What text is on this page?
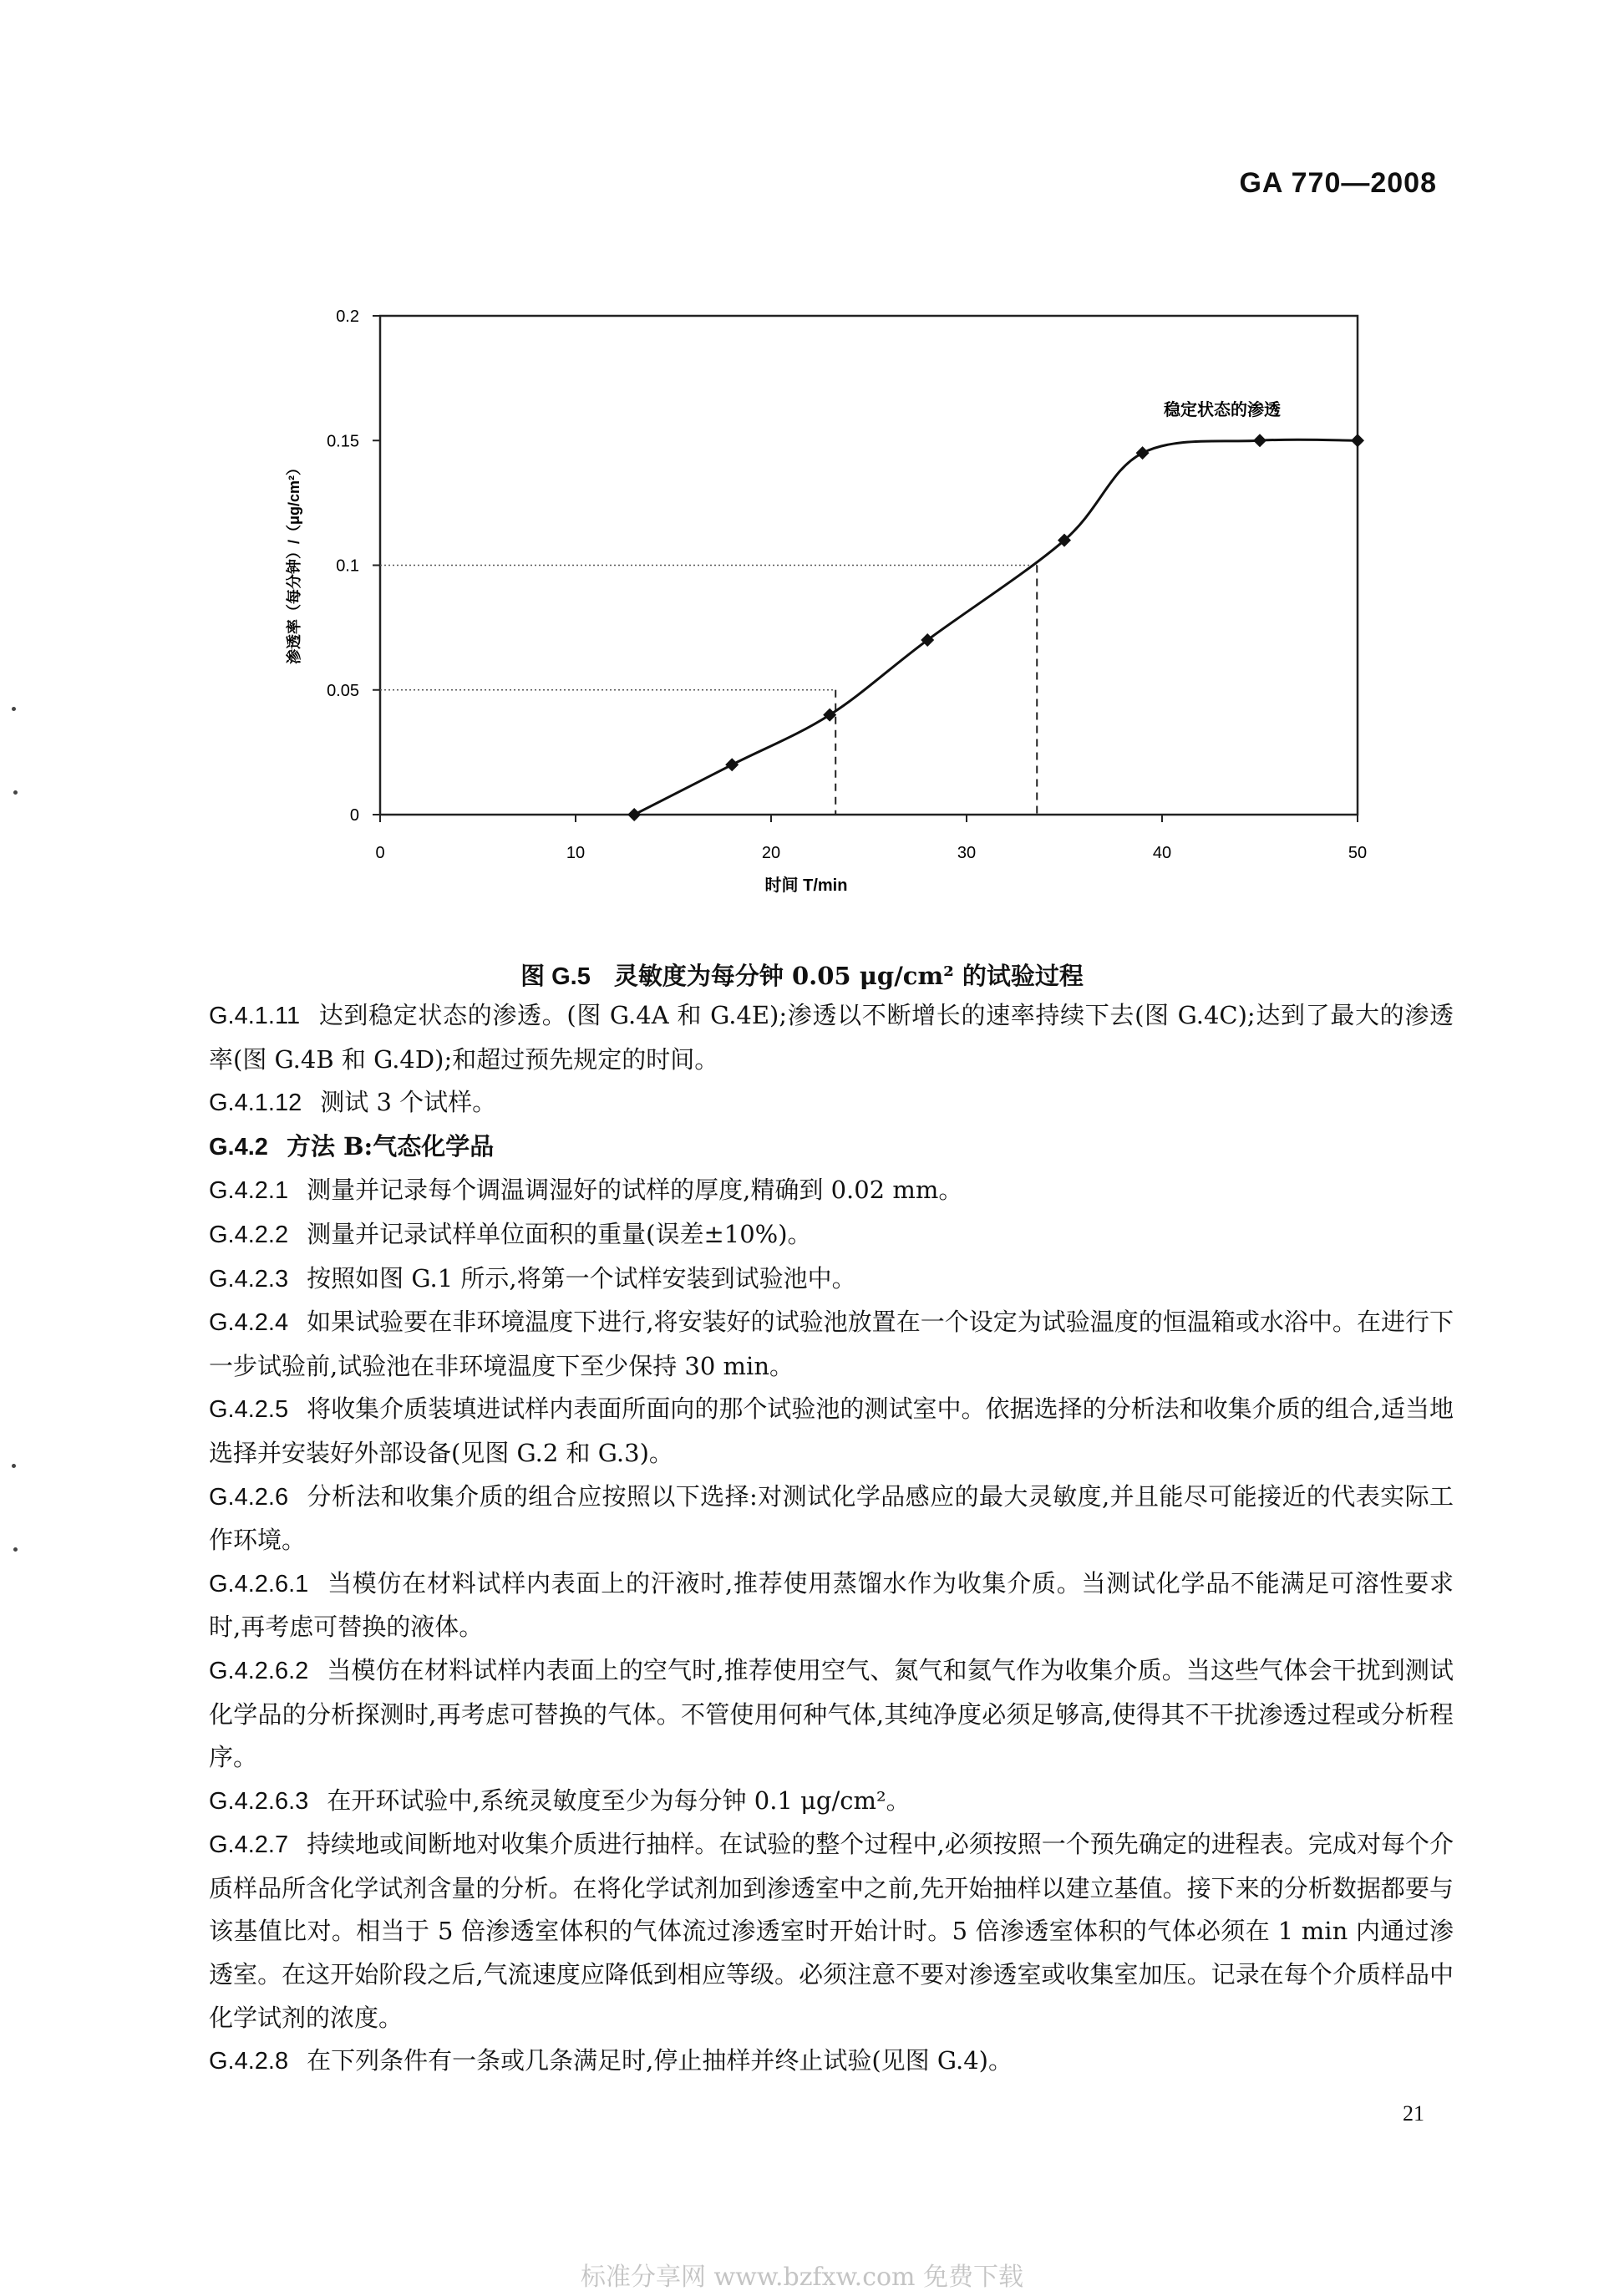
GA 770—2008
0
0.05
0.1
0.15
0.2
0	10	20	30	40	50
时间 T/min
渗透率（每分钟）/（μg/cm²）
稳定状态的渗透
图 G.5 灵敏度为每分钟 0.05 μg/cm² 的试验过程

G.4.1.11 达到稳定状态的渗透。(图 G.4A 和 G.4E);渗透以不断增长的速率持续下去(图 G.4C);达到了最大的渗透率(图 G.4B 和 G.4D);和超过预先规定的时间。

G.4.1.12 测试 3 个试样。

G.4.2 方法 B:气态化学品

G.4.2.1 测量并记录每个调温调湿好的试样的厚度,精确到 0.02 mm。

G.4.2.2 测量并记录试样单位面积的重量(误差±10%)。

G.4.2.3 按照如图 G.1 所示,将第一个试样安装到试验池中。

G.4.2.4 如果试验要在非环境温度下进行,将安装好的试验池放置在一个设定为试验温度的恒温箱或水浴中。在进行下一步试验前,试验池在非环境温度下至少保持 30 min。

G.4.2.5 将收集介质装填进试样内表面所面向的那个试验池的测试室中。依据选择的分析法和收集介质的组合,适当地选择并安装好外部设备(见图 G.2 和 G.3)。

G.4.2.6 分析法和收集介质的组合应按照以下选择:对测试化学品感应的最大灵敏度,并且能尽可能接近的代表实际工作环境。

G.4.2.6.1 当模仿在材料试样内表面上的汗液时,推荐使用蒸馏水作为收集介质。当测试化学品不能满足可溶性要求时,再考虑可替换的液体。

G.4.2.6.2 当模仿在材料试样内表面上的空气时,推荐使用空气、氮气和氦气作为收集介质。当这些气体会干扰到测试化学品的分析探测时,再考虑可替换的气体。不管使用何种气体,其纯净度必须足够高,使得其不干扰渗透过程或分析程序。

G.4.2.6.3 在开环试验中,系统灵敏度至少为每分钟 0.1 μg/cm²。

G.4.2.7 持续地或间断地对收集介质进行抽样。在试验的整个过程中,必须按照一个预先确定的进程表。完成对每个介质样品所含化学试剂含量的分析。在将化学试剂加到渗透室中之前,先开始抽样以建立基值。接下来的分析数据都要与该基值比对。相当于 5 倍渗透室体积的气体流过渗透室时开始计时。5 倍渗透室体积的气体必须在 1 min 内通过渗透室。在这开始阶段之后,气流速度应降低到相应等级。必须注意不要对渗透室或收集室加压。记录在每个介质样品中化学试剂的浓度。

G.4.2.8 在下列条件有一条或几条满足时,停止抽样并终止试验(见图 G.4)。

21
标准分享网 www.bzfxw.com 免费下载
